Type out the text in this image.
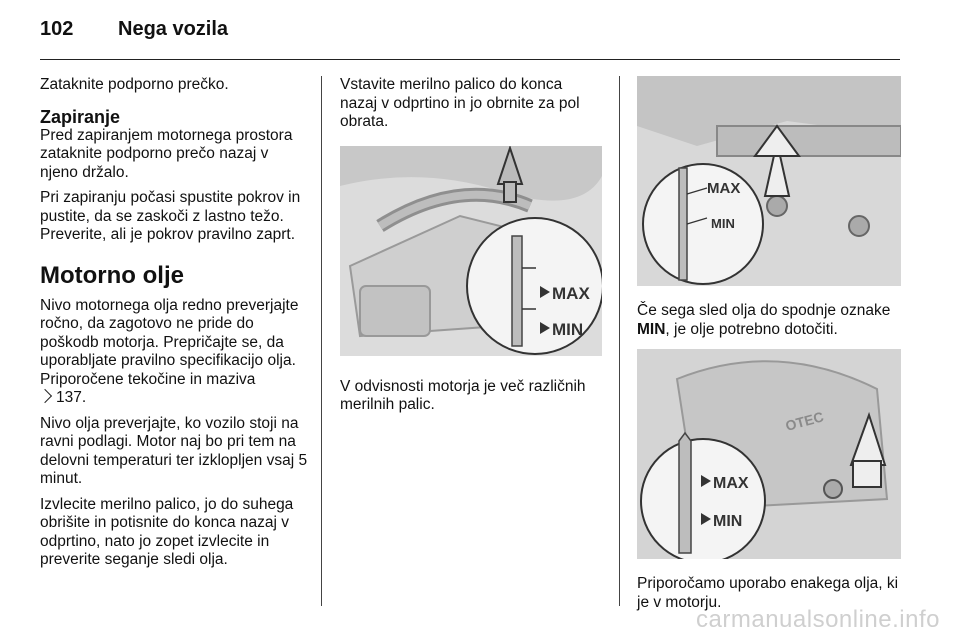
102 Nega vozila

Zataknite podporno prečko.

Zapiranje

Pred zapiranjem motornega prostora zataknite podporno prečo nazaj v njeno držalo.

Pri zapiranju počasi spustite pokrov in pustite, da se zaskoči z lastno težo. Preverite, ali je pokrov pravilno zaprt.

Motorno olje

Nivo motornega olja redno preverjajte ročno, da zagotovo ne pride do poškodb motorja. Prepričajte se, da uporabljate pravilno specifikacijo olja. Priporočene tekočine in maziva
137.

Nivo olja preverjajte, ko vozilo stoji na ravni podlagi. Motor naj bo pri tem na delovni temperaturi ter izklopljen vsaj 5 minut.

Izvlecite merilno palico, jo do suhega obrišite in potisnite do konca nazaj v odprtino, nato jo zopet izvlecite in preverite seganje sledi olja.

Vstavite merilno palico do konca nazaj v odprtino in jo obrnite za pol obrata.

MAX
MIN

V odvisnosti motorja je več različnih merilnih palic.

MAX
MIN

Če sega sled olja do spodnje oznake MIN, je olje potrebno dotočiti.

OTEC
MAX
MIN

Priporočamo uporabo enakega olja, ki je v motorju.

carmanualsonline.info
